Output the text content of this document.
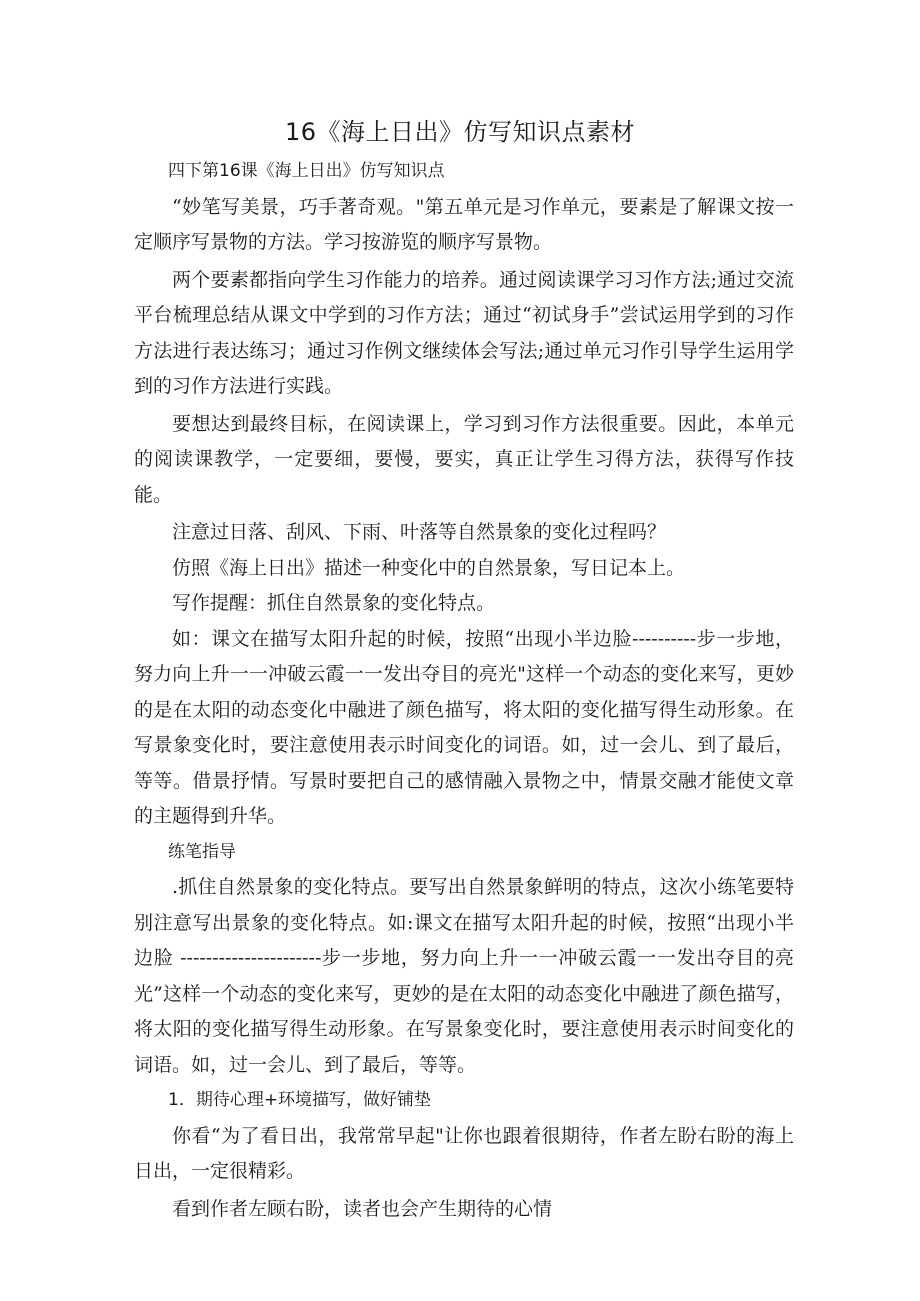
16《海上日出》仿写知识点素材

四下第16课《海上日出》仿写知识点

“妙笔写美景，巧手著奇观。"第五单元是习作单元，要素是了解课文按一定顺序写景物的方法。学习按游览的顺序写景物。

两个要素都指向学生习作能力的培养。通过阅读课学习习作方法;通过交流平台梳理总结从课文中学到的习作方法；通过“初试身手”尝试运用学到的习作方法进行表达练习；通过习作例文继续体会写法;通过单元习作引导学生运用学到的习作方法进行实践。

要想达到最终目标，在阅读课上，学习到习作方法很重要。因此，本单元的阅读课教学，一定要细，要慢，要实，真正让学生习得方法，获得写作技能。

注意过日落、刮风、下雨、叶落等自然景象的变化过程吗？

仿照《海上日出》描述一种变化中的自然景象，写日记本上。

写作提醒：抓住自然景象的变化特点。

如：课文在描写太阳升起的时候，按照“出现小半边脸----------步一步地，努力向上升一一冲破云霞一一发出夺目的亮光"这样一个动态的变化来写，更妙的是在太阳的动态变化中融进了颜色描写，将太阳的变化描写得生动形象。在写景象变化时，要注意使用表示时间变化的词语。如，过一会儿、到了最后，等等。借景抒情。写景时要把自己的感情融入景物之中，情景交融才能使文章的主题得到升华。

练笔指导

.抓住自然景象的变化特点。要写出自然景象鲜明的特点，这次小练笔要特别注意写出景象的变化特点。如:课文在描写太阳升起的时候，按照“出现小半边脸 ----------------------步一步地，努力向上升一一冲破云霞一一发出夺目的亮光”这样一个动态的变化来写，更妙的是在太阳的动态变化中融进了颜色描写，将太阳的变化描写得生动形象。在写景象变化时，要注意使用表示时间变化的词语。如，过一会儿、到了最后，等等。

1．期待心理+环境描写，做好铺垫

你看“为了看日出，我常常早起"让你也跟着很期待，作者左盼右盼的海上日出，一定很精彩。

看到作者左顾右盼，读者也会产生期待的心情
